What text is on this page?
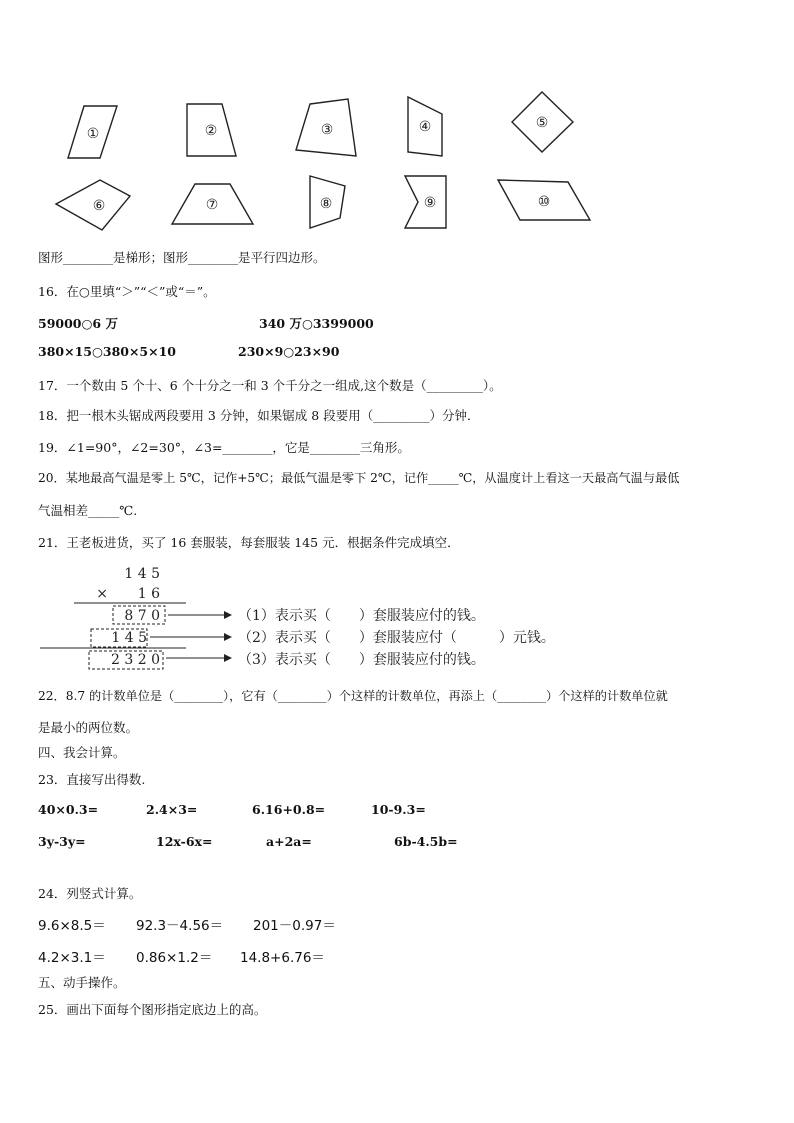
①	②	③	④	⑤
⑥	⑦	⑧	⑨	⑩
图形________是梯形；图形________是平行四边形。
16．在○里填“＞”“＜”或“＝”。
59000○6 万	340 万○3399000
380×15○380×5×10	230×9○23×90
17．一个数由 5 个十、6 个十分之一和 3 个千分之一组成,这个数是（_________）。
18．把一根木头锯成两段要用 3 分钟，如果锯成 8 段要用（_________）分钟．
19．∠1=90°，∠2=30°，∠3=________，它是________三角形。
20．某地最高气温是零上 5℃，记作+5℃；最低气温是零下 2℃，记作_____℃，从温度计上看这一天最高气温与最低
气温相差_____℃.
21．王老板进货，买了 16 套服装，每套服装 145 元．根据条件完成填空．
1 4 5
× 1 6
8 7 0
1 4 5
2 3 2 0
（1）表示买（　　）套服装应付的钱。
（2）表示买（　　）套服装应付（　　　）元钱。
（3）表示买（　　）套服装应付的钱。
22．8.7 的计数单位是（________），它有（________）个这样的计数单位，再添上（________）个这样的计数单位就
是最小的两位数。
四、我会计算。
23．直接写出得数.
40×0.3=	2.4×3=	6.16+0.8=	10-9.3=
3y-3y=	12x-6x=	a+2a=	6b-4.5b=
24．列竖式计算。
9.6×8.5＝ 92.3－4.56＝ 201－0.97＝
4.2×3.1＝ 0.86×1.2＝ 14.8+6.76＝
五、动手操作。
25．画出下面每个图形指定底边上的高。
